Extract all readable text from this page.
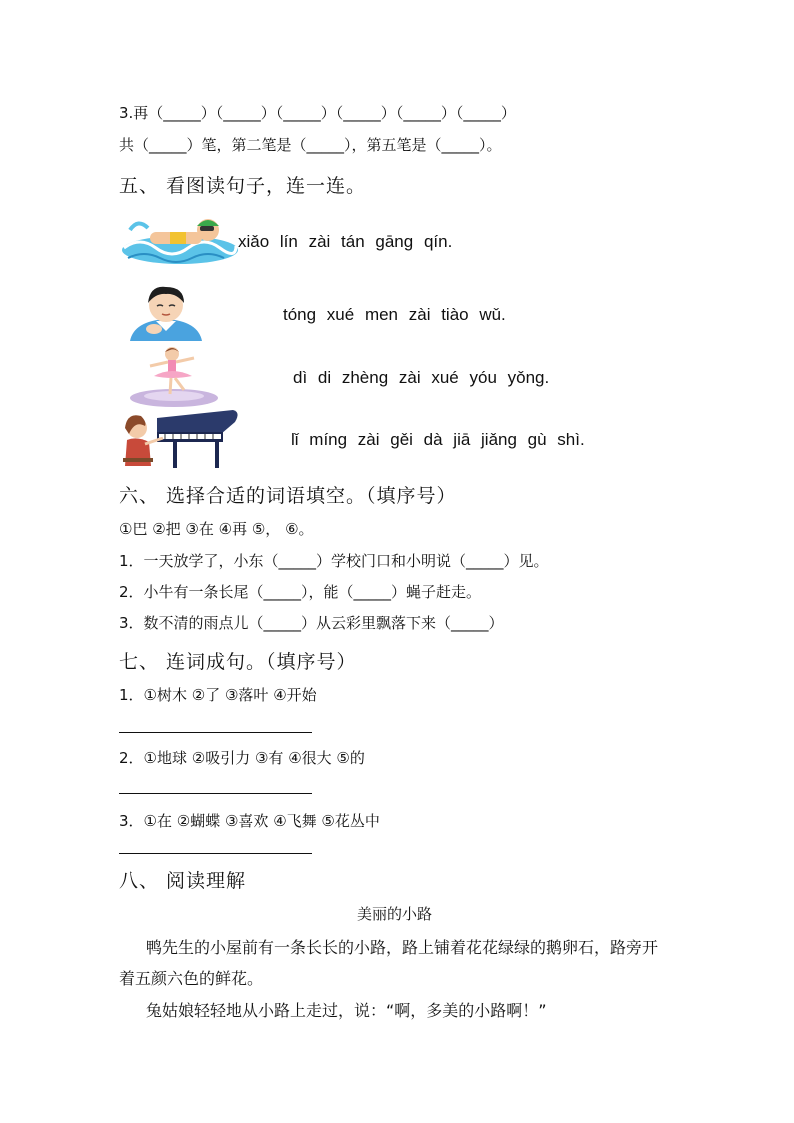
3.再（_____）（_____）（_____）（_____）（_____）（_____）
共（_____）笔，第二笔是（_____），第五笔是（_____）。
五、 看图读句子，连一连。
xiǎo lín zài tán gāng qín.
tóng xué men zài tiào wǔ.
dì di zhèng zài xué yóu yǒng.
lǐ míng zài gěi dà jiā jiǎng gù shì.
六、 选择合适的词语填空。（填序号）
①巴 ②把 ③在 ④再 ⑤， ⑥。
1．一天放学了，小东（_____）学校门口和小明说（_____）见。
2．小牛有一条长尾（_____），能（_____）蝇子赶走。
3．数不清的雨点儿（_____）从云彩里飘落下来（_____）
七、 连词成句。（填序号）
1．①树木 ②了 ③落叶 ④开始
2．①地球 ②吸引力 ③有 ④很大 ⑤的
3．①在 ②蝴蝶 ③喜欢 ④飞舞 ⑤花丛中
八、 阅读理解
美丽的小路
鸭先生的小屋前有一条长长的小路，路上铺着花花绿绿的鹅卵石，路旁开
着五颜六色的鲜花。
兔姑娘轻轻地从小路上走过，说：“啊，多美的小路啊！”
